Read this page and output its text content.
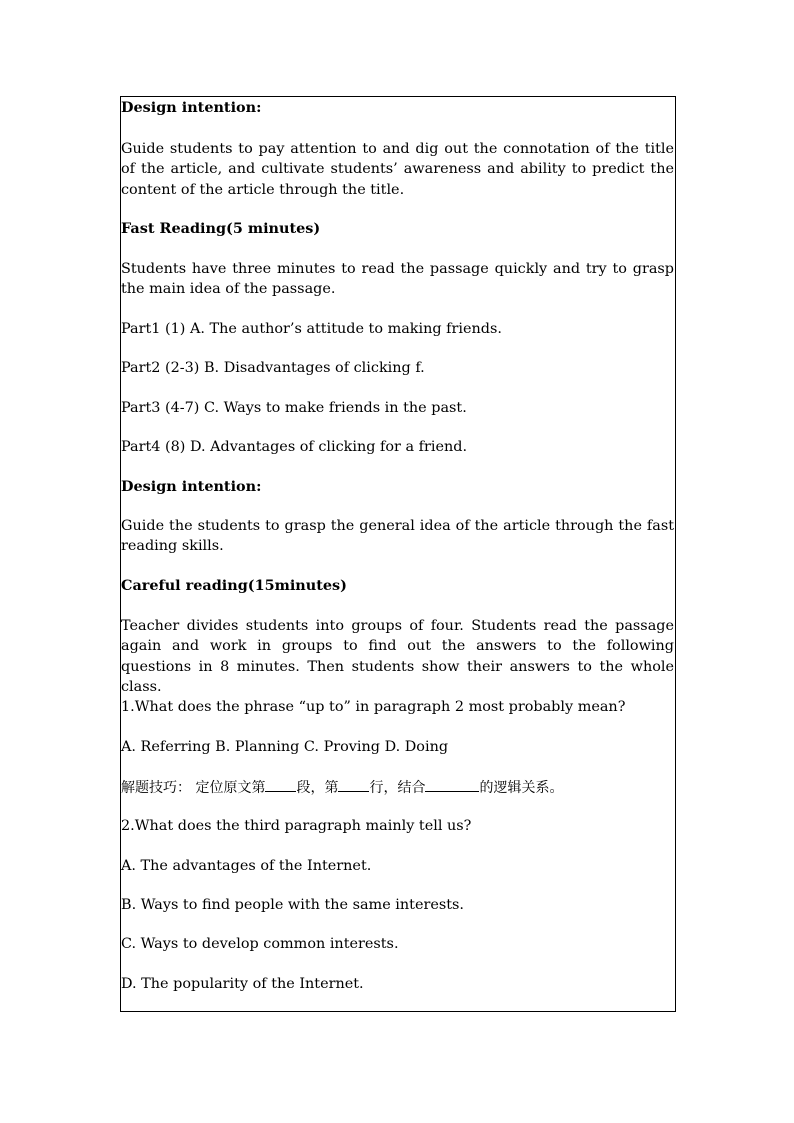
Design intention:

Guide students to pay attention to and dig out the connotation of the title of the article, and cultivate students’ awareness and ability to predict the content of the article through the title.

Fast Reading(5 minutes)

Students have three minutes to read the passage quickly and try to grasp the main idea of the passage.

Part1 (1) A. The author’s attitude to making friends.

Part2 (2-3) B. Disadvantages of clicking f.

Part3 (4-7) C. Ways to make friends in the past.

Part4 (8) D. Advantages of clicking for a friend.

Design intention:

Guide the students to grasp the general idea of the article through the fast reading skills.

Careful reading(15minutes)

Teacher divides students into groups of four. Students read the passage again and work in groups to find out the answers to the following questions in 8 minutes. Then students show their answers to the whole class.

1.What does the phrase “up to” in paragraph 2 most probably mean?

A. Referring B. Planning C. Proving D. Doing

解题技巧： 定位原文第 段，第 行，结合	的逻辑关系。

2.What does the third paragraph mainly tell us?

A. The advantages of the Internet.

B. Ways to find people with the same interests.

C. Ways to develop common interests.

D. The popularity of the Internet.
